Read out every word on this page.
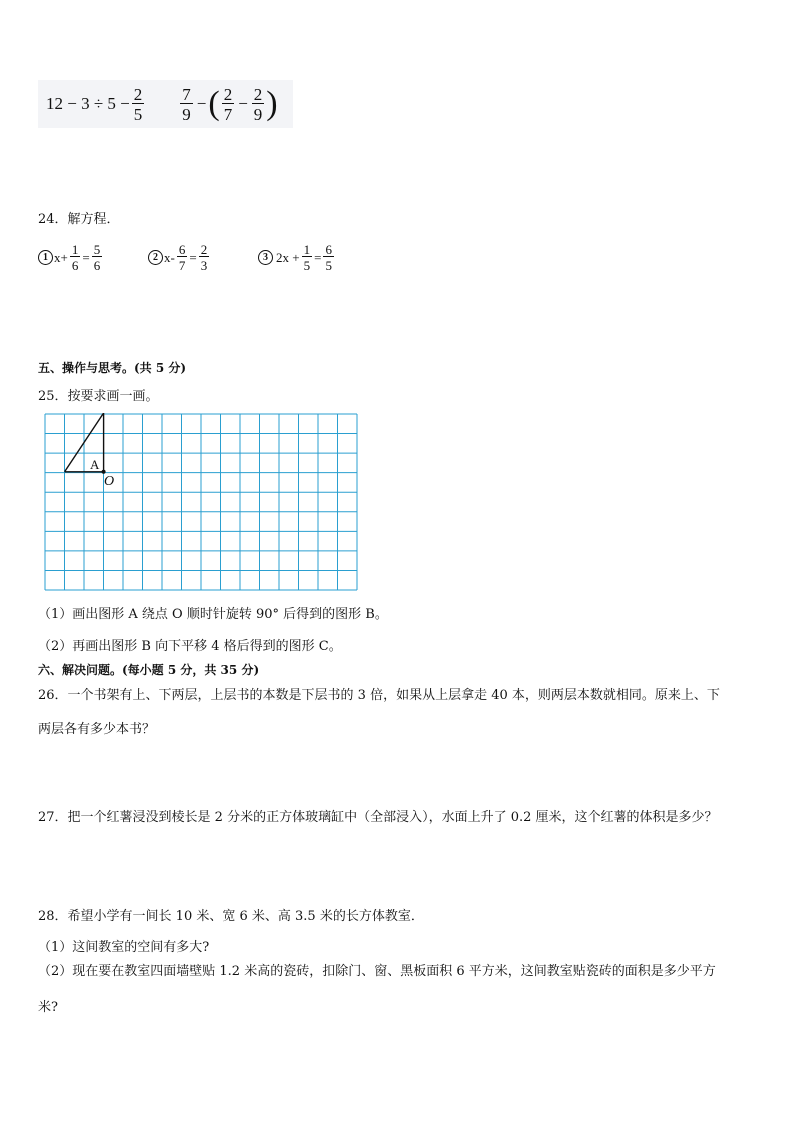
$12 - 3 \div 5 - \frac{2}{5} \frac{7}{9}$ − ( $\frac{2}{7} - \frac{2}{9}$ )
24．解方程．
1 $x+ \frac{1}{6} = \frac{5}{6}$	2 $x- \frac{6}{7} = \frac{2}{3}$	3 $2x + \frac{1}{5} = \frac{6}{5}$
五、操作与思考。(共 5 分)
25．按要求画一画。
A
O
（1）画出图形 A 绕点 O 顺时针旋转 90° 后得到的图形 B。
（2）再画出图形 B 向下平移 4 格后得到的图形 C。
六、解决问题。(每小题 5 分，共 35 分)
26．一个书架有上、下两层，上层书的本数是下层书的 3 倍，如果从上层拿走 40 本，则两层本数就相同。原来上、下
两层各有多少本书？
27．把一个红薯浸没到棱长是 2 分米的正方体玻璃缸中（全部浸入），水面上升了 0.2 厘米，这个红薯的体积是多少？
28．希望小学有一间长 10 米、宽 6 米、高 3.5 米的长方体教室．
（1）这间教室的空间有多大?
（2）现在要在教室四面墙壁贴 1.2 米高的瓷砖，扣除门、窗、黑板面积 6 平方米，这间教室贴瓷砖的面积是多少平方
米?
